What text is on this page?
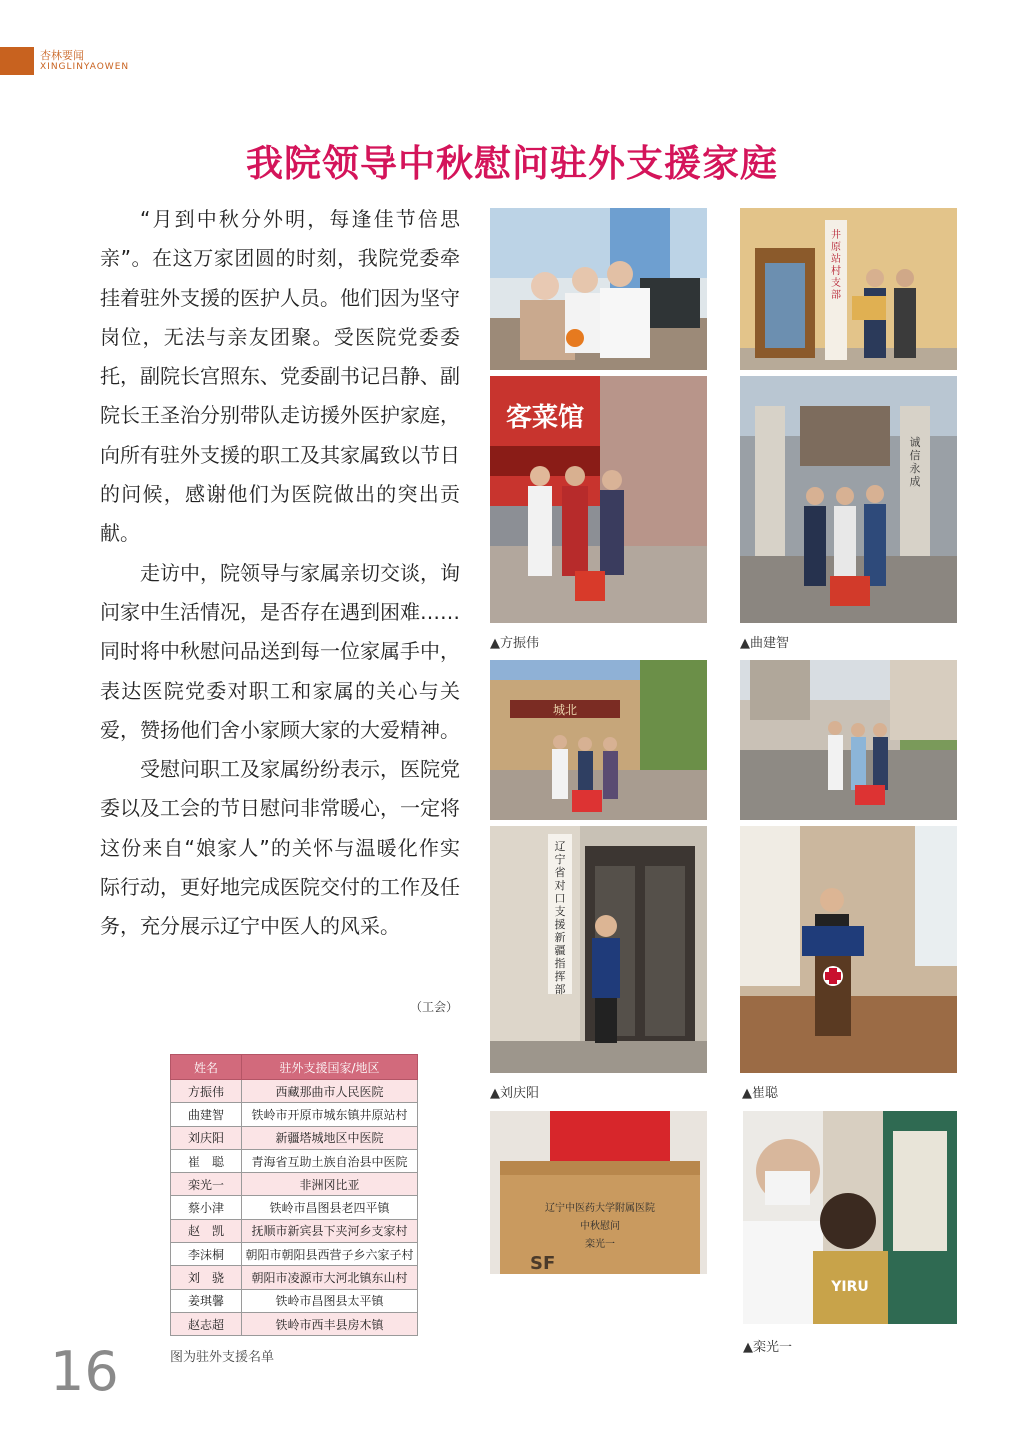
杏林要闻
XINGLINYAOWEN
我院领导中秋慰问驻外支援家庭

“月到中秋分外明，每逢佳节倍思亲”。在这万家团圆的时刻，我院党委牵挂着驻外支援的医护人员。他们因为坚守岗位，无法与亲友团聚。受医院党委委托，副院长宫照东、党委副书记吕静、副院长王圣治分别带队走访援外医护家庭，向所有驻外支援的职工及其家属致以节日的问候，感谢他们为医院做出的突出贡献。

走访中，院领导与家属亲切交谈，询问家中生活情况，是否存在遇到困难……同时将中秋慰问品送到每一位家属手中，表达医院党委对职工和家属的关心与关爱，赞扬他们舍小家顾大家的大爱精神。

受慰问职工及家属纷纷表示，医院党委以及工会的节日慰问非常暖心，一定将这份来自“娘家人”的关怀与温暖化作实际行动，更好地完成医院交付的工作及任务，充分展示辽宁中医人的风采。

（工会）
井原站村支部
客菜馆
诚信永成
▲方振伟	▲曲建智
城北
辽宁省对口支援新疆指挥部
▲刘庆阳	▲崔聪
辽宁中医药大学附属医院
中秋慰问
栾光一
SF
YIRU
▲栾光一
姓名	驻外支援国家/地区
方振伟	西藏那曲市人民医院
曲建智	铁岭市开原市城东镇井原站村
刘庆阳	新疆塔城地区中医院
崔　聪	青海省互助土族自治县中医院
栾光一	非洲冈比亚
蔡小津	铁岭市昌图县老四平镇
赵　凯	抚顺市新宾县下夹河乡支家村
李沫桐	朝阳市朝阳县西营子乡六家子村
刘　骁	朝阳市凌源市大河北镇东山村
姜琪馨	铁岭市昌图县太平镇
赵志超	铁岭市西丰县房木镇
图为驻外支援名单
16
